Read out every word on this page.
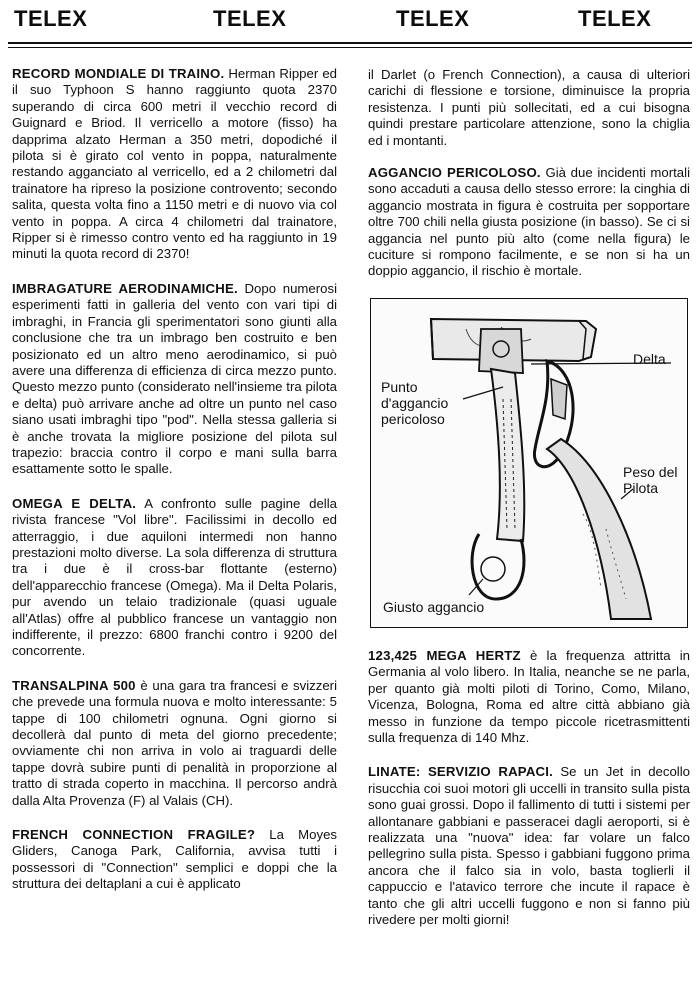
TELEX	TELEX	TELEX	TELEX
RECORD MONDIALE DI TRAINO. Herman Ripper ed il suo Typhoon S hanno raggiunto quota 2370 superando di circa 600 metri il vecchio record di Guignard e Briod. Il verricello a motore (fisso) ha dapprima alzato Herman a 350 metri, dopodiché il pilota si è girato col vento in poppa, naturalmente restando agganciato al verricello, ed a 2 chilometri dal trainatore ha ripreso la posizione controvento; secondo salita, questa volta fino a 1150 metri e di nuovo via col vento in poppa. A circa 4 chilometri dal trainatore, Ripper si è rimesso contro vento ed ha raggiunto in 19 minuti la quota record di 2370!
IMBRAGATURE AERODINAMICHE. Dopo numerosi esperimenti fatti in galleria del vento con vari tipi di imbraghi, in Francia gli sperimentatori sono giunti alla conclusione che tra un imbrago ben costruito e ben posizionato ed un altro meno aerodinamico, si può avere una differenza di efficienza di circa mezzo punto. Questo mezzo punto (considerato nell'insieme tra pilota e delta) può arrivare anche ad oltre un punto nel caso siano usati imbraghi tipo "pod". Nella stessa galleria si è anche trovata la migliore posizione del pilota sul trapezio: braccia contro il corpo e mani sulla barra esattamente sotto le spalle.
OMEGA E DELTA. A confronto sulle pagine della rivista francese "Vol libre". Facilissimi in decollo ed atterraggio, i due aquiloni intermedi non hanno prestazioni molto diverse. La sola differenza di struttura tra i due è il cross-bar flottante (esterno) dell'apparecchio francese (Omega). Ma il Delta Polaris, pur avendo un telaio tradizionale (quasi uguale all'Atlas) offre al pubblico francese un vantaggio non indifferente, il prezzo: 6800 franchi contro i 9200 del concorrente.
TRANSALPINA 500 è una gara tra francesi e svizzeri che prevede una formula nuova e molto interessante: 5 tappe di 100 chilometri ognuna. Ogni giorno si decollerà dal punto di meta del giorno precedente; ovviamente chi non arriva in volo ai traguardi delle tappe dovrà subire punti di penalità in proporzione al tratto di strada coperto in macchina. Il percorso andrà dalla Alta Provenza (F) al Valais (CH).
FRENCH CONNECTION FRAGILE? La Moyes Gliders, Canoga Park, California, avvisa tutti i possessori di "Connection" semplici e doppi che la struttura dei deltaplani a cui è applicato
il Darlet (o French Connection), a causa di ulteriori carichi di flessione e torsione, diminuisce la propria resistenza. I punti più sollecitati, ed a cui bisogna quindi prestare particolare attenzione, sono la chiglia ed i montanti.
AGGANCIO PERICOLOSO. Già due incidenti mortali sono accaduti a causa dello stesso errore: la cinghia di aggancio mostrata in figura è costruita per sopportare oltre 700 chili nella giusta posizione (in basso). Se ci si aggancia nel punto più alto (come nella figura) le cuciture si rompono facilmente, e se non si ha un doppio aggancio, il rischio è mortale.
Delta
Punto
d'aggancio
pericoloso
Peso del
Pilota
Giusto aggancio
123,425 MEGA HERTZ è la frequenza attritta in Germania al volo libero. In Italia, neanche se ne parla, per quanto già molti piloti di Torino, Como, Milano, Vicenza, Bologna, Roma ed altre città abbiano già messo in funzione da tempo piccole ricetrasmittenti sulla frequenza di 140 Mhz.
LINATE: SERVIZIO RAPACI. Se un Jet in decollo risucchia coi suoi motori gli uccelli in transito sulla pista sono guai grossi. Dopo il fallimento di tutti i sistemi per allontanare gabbiani e passeracei dagli aeroporti, si è realizzata una "nuova" idea: far volare un falco pellegrino sulla pista. Spesso i gabbiani fuggono prima ancora che il falco sia in volo, basta toglierli il cappuccio e l'atavico terrore che incute il rapace è tanto che gli altri uccelli fuggono e non si fanno più rivedere per molti giorni!
